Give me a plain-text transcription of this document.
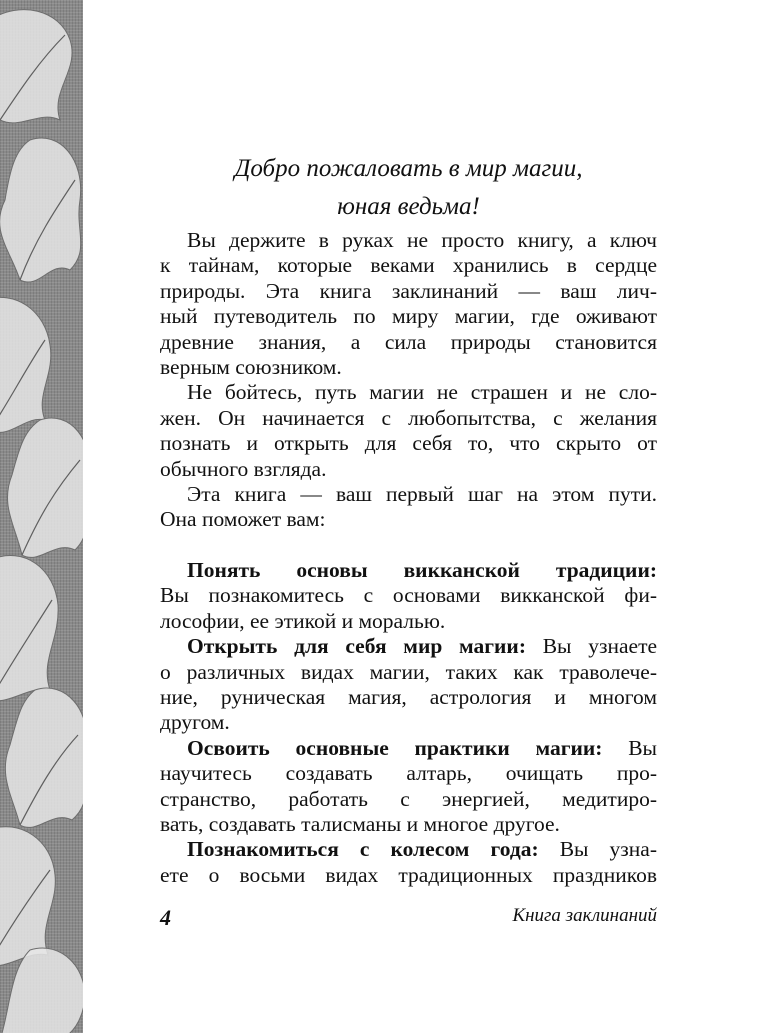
Добро пожаловать в мир магии,
юная ведьма!
Вы держите в руках не просто книгу, а ключ
к тайнам, которые веками хранились в сердце
природы. Эта книга заклинаний — ваш лич-
ный путеводитель по миру магии, где оживают
древние знания, а сила природы становится
верным союзником.
Не бойтесь, путь магии не страшен и не сло-
жен. Он начинается с любопытства, с желания
познать и открыть для себя то, что скрыто от
обычного взгляда.
Эта книга — ваш первый шаг на этом пути.
Она поможет вам:
Понять основы викканской традиции:
Вы познакомитесь с основами викканской фи-
лософии, ее этикой и моралью.
Открыть для себя мир магии: Вы узнаете
о различных видах магии, таких как траволече-
ние, руническая магия, астрология и многом
другом.
Освоить основные практики магии: Вы
научитесь создавать алтарь, очищать про-
странство, работать с энергией, медитиро-
вать, создавать талисманы и многое другое.
Познакомиться с колесом года: Вы узна-
ете о восьми видах традиционных праздников
4	Книга заклинаний
